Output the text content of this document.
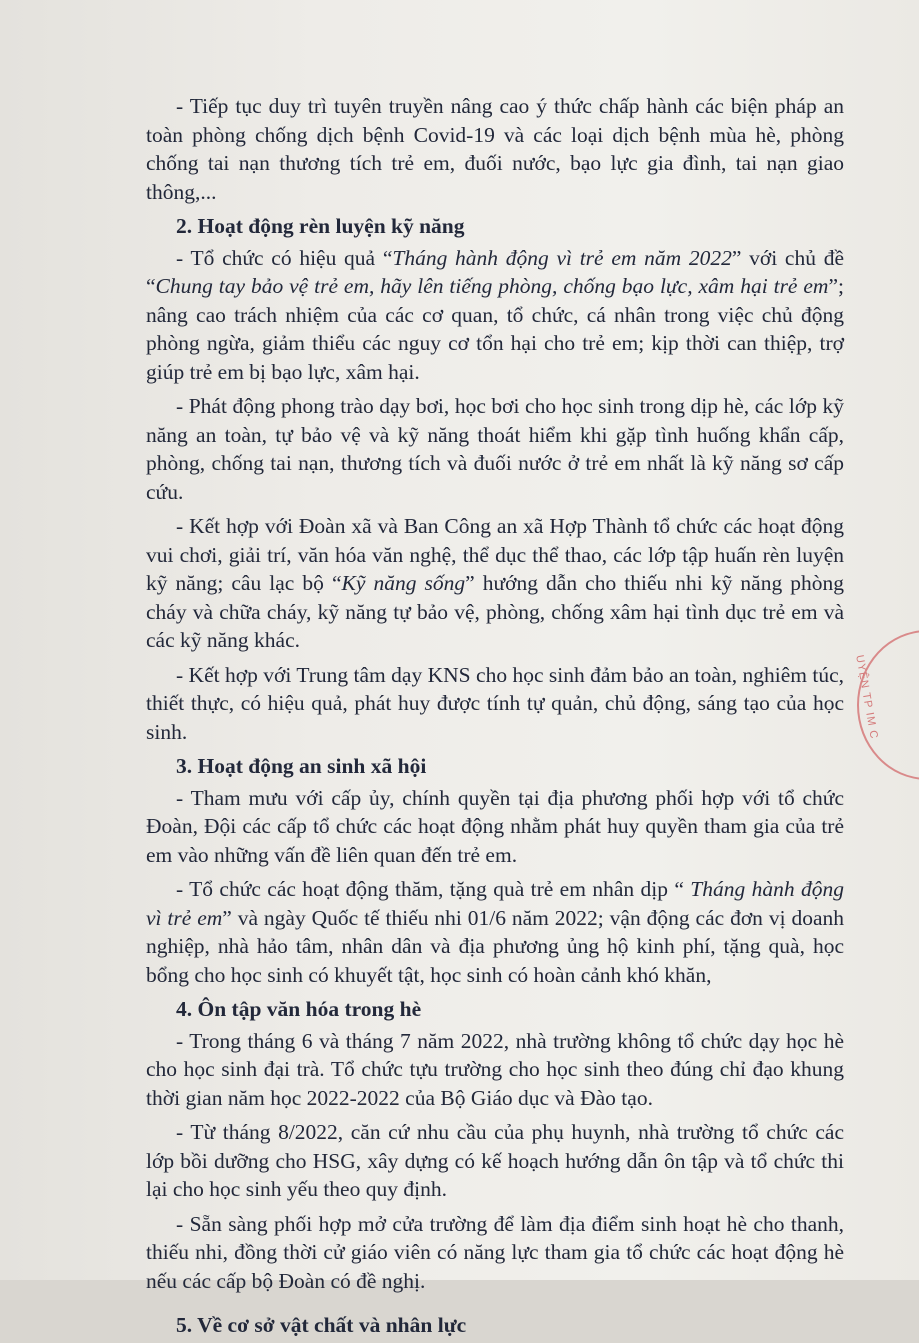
- Tiếp tục duy trì tuyên truyền nâng cao ý thức chấp hành các biện pháp an toàn phòng chống dịch bệnh Covid-19 và các loại dịch bệnh mùa hè, phòng chống tai nạn thương tích trẻ em, đuối nước, bạo lực gia đình, tai nạn giao thông,...

2. Hoạt động rèn luyện kỹ năng

- Tổ chức có hiệu quả “Tháng hành động vì trẻ em năm 2022” với chủ đề “Chung tay bảo vệ trẻ em, hãy lên tiếng phòng, chống bạo lực, xâm hại trẻ em”; nâng cao trách nhiệm của các cơ quan, tổ chức, cá nhân trong việc chủ động phòng ngừa, giảm thiểu các nguy cơ tổn hại cho trẻ em; kịp thời can thiệp, trợ giúp trẻ em bị bạo lực, xâm hại.

- Phát động phong trào dạy bơi, học bơi cho học sinh trong dịp hè, các lớp kỹ năng an toàn, tự bảo vệ và kỹ năng thoát hiểm khi gặp tình huống khẩn cấp, phòng, chống tai nạn, thương tích và đuối nước ở trẻ em nhất là kỹ năng sơ cấp cứu.

- Kết hợp với Đoàn xã và Ban Công an xã Hợp Thành tổ chức các hoạt động vui chơi, giải trí, văn hóa văn nghệ, thể dục thể thao, các lớp tập huấn rèn luyện kỹ năng; câu lạc bộ “Kỹ năng sống” hướng dẫn cho thiếu nhi kỹ năng phòng cháy và chữa cháy, kỹ năng tự bảo vệ, phòng, chống xâm hại tình dục trẻ em và các kỹ năng khác.

- Kết hợp với Trung tâm dạy KNS cho học sinh đảm bảo an toàn, nghiêm túc, thiết thực, có hiệu quả, phát huy được tính tự quản, chủ động, sáng tạo của học sinh.

3. Hoạt động an sinh xã hội

- Tham mưu với cấp ủy, chính quyền tại địa phương phối hợp với tổ chức Đoàn, Đội các cấp tổ chức các hoạt động nhằm phát huy quyền tham gia của trẻ em vào những vấn đề liên quan đến trẻ em.

- Tổ chức các hoạt động thăm, tặng quà trẻ em nhân dịp “ Tháng hành động vì trẻ em” và ngày Quốc tế thiếu nhi 01/6 năm 2022; vận động các đơn vị doanh nghiệp, nhà hảo tâm, nhân dân và địa phương ủng hộ kinh phí, tặng quà, học bổng cho học sinh có khuyết tật, học sinh có hoàn cảnh khó khăn,

4. Ôn tập văn hóa trong hè

- Trong tháng 6 và tháng 7 năm 2022, nhà trường không tổ chức dạy học hè cho học sinh đại trà. Tổ chức tựu trường cho học sinh theo đúng chỉ đạo khung thời gian năm học 2022-2022 của Bộ Giáo dục và Đào tạo.

- Từ tháng 8/2022, căn cứ nhu cầu của phụ huynh, nhà trường tổ chức các lớp bồi dưỡng cho HSG, xây dựng có kế hoạch hướng dẫn ôn tập và tổ chức thi lại cho học sinh yếu theo quy định.

- Sẵn sàng phối hợp mở cửa trường để làm địa điểm sinh hoạt hè cho thanh, thiếu nhi, đồng thời cử giáo viên có năng lực tham gia tổ chức các hoạt động hè nếu các cấp bộ Đoàn có đề nghị.

5. Về cơ sở vật chất và nhân lực

UYỆN TP IM C
